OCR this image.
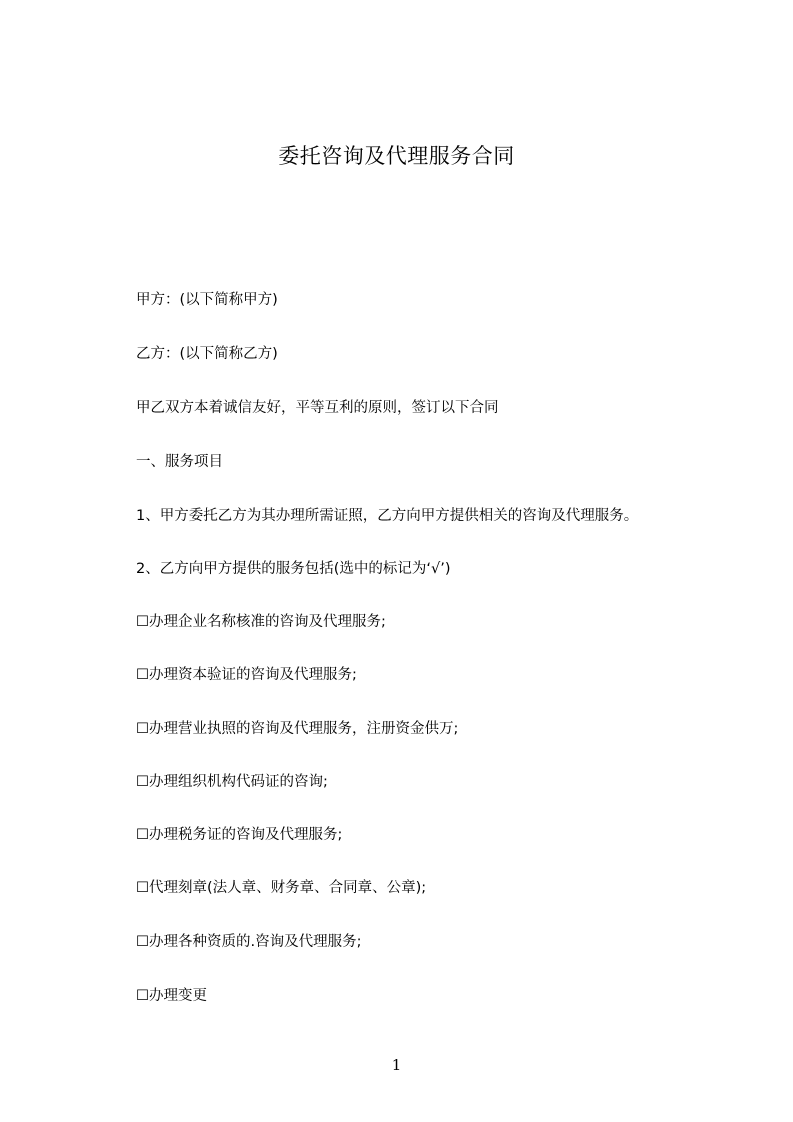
委托咨询及代理服务合同
甲方：(以下简称甲方)
乙方：(以下简称乙方)
甲乙双方本着诚信友好，平等互利的原则，签订以下合同
一、服务项目
1、甲方委托乙方为其办理所需证照，乙方向甲方提供相关的咨询及代理服务。
2、乙方向甲方提供的服务包括(选中的标记为‘√’)
☐办理企业名称核准的咨询及代理服务;
☐办理资本验证的咨询及代理服务;
☐办理营业执照的咨询及代理服务，注册资金供万;
☐办理组织机构代码证的咨询;
☐办理税务证的咨询及代理服务;
☐代理刻章(法人章、财务章、合同章、公章);
☐办理各种资质的.咨询及代理服务;
☐办理变更
1
